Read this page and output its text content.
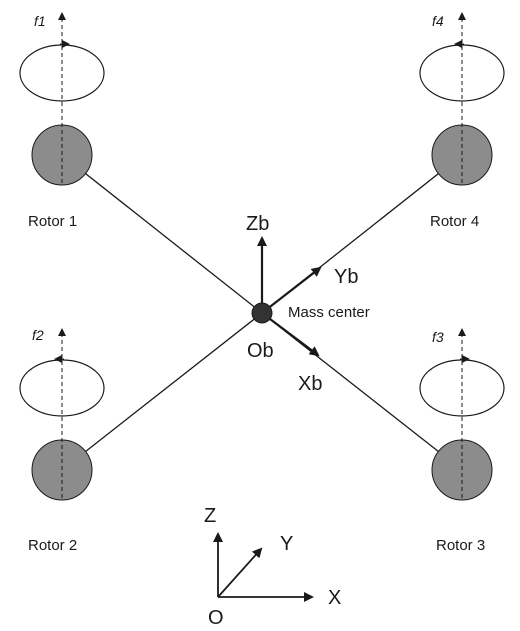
f1
Rotor 1
f4
Rotor 4
f2
Rotor 2
f3
Rotor 3
Zb
Yb
Xb
Ob
Mass center
Z
Y
X
O
